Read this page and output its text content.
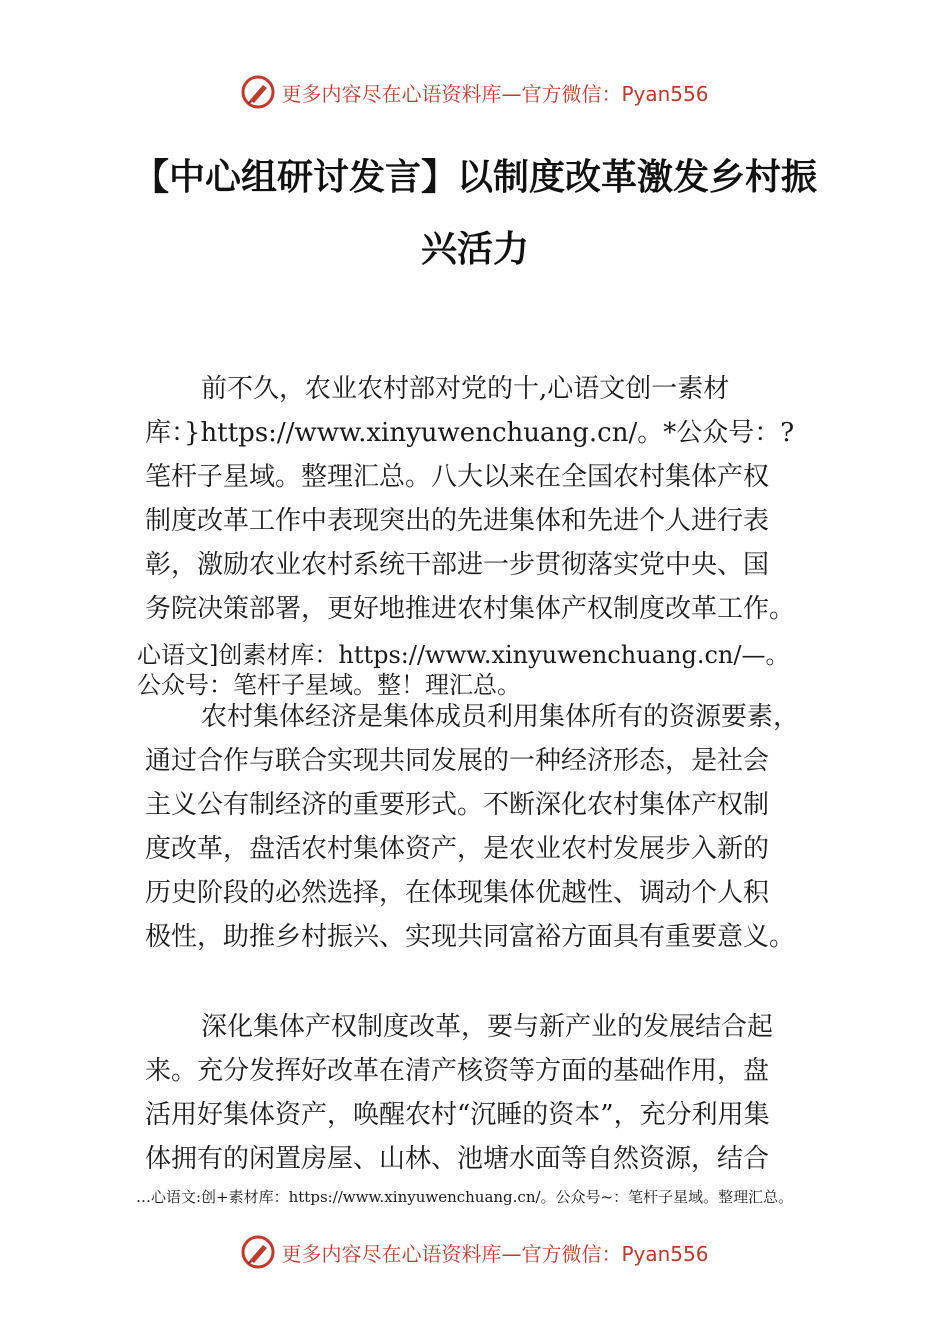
更多内容尽在心语资料库—官方微信：Pyan556
【中心组研讨发言】以制度改革激发乡村振
兴活力
前不久，农业农村部对党的十,心语文创一素材
库：}https://www.xinyuwenchuang.cn/。*公众号：?
笔杆子星域。整理汇总。八大以来在全国农村集体产权
制度改革工作中表现突出的先进集体和先进个人进行表
彰，激励农业农村系统干部进一步贯彻落实党中央、国
务院决策部署，更好地推进农村集体产权制度改革工作。
心语文]创素材库：https://www.xinyuwenchuang.cn/—。
公众号：笔杆子星域。整！理汇总。
农村集体经济是集体成员利用集体所有的资源要素，
通过合作与联合实现共同发展的一种经济形态，是社会
主义公有制经济的重要形式。不断深化农村集体产权制
度改革，盘活农村集体资产，是农业农村发展步入新的
历史阶段的必然选择，在体现集体优越性、调动个人积
极性，助推乡村振兴、实现共同富裕方面具有重要意义。
深化集体产权制度改革，要与新产业的发展结合起
来。充分发挥好改革在清产核资等方面的基础作用，盘
活用好集体资产，唤醒农村“沉睡的资本”，充分利用集
体拥有的闲置房屋、山林、池塘水面等自然资源，结合
…心语文:创+素材库：https://www.xinyuwenchuang.cn/。公众号~：笔杆子星域。整理汇总。
更多内容尽在心语资料库—官方微信：Pyan556
